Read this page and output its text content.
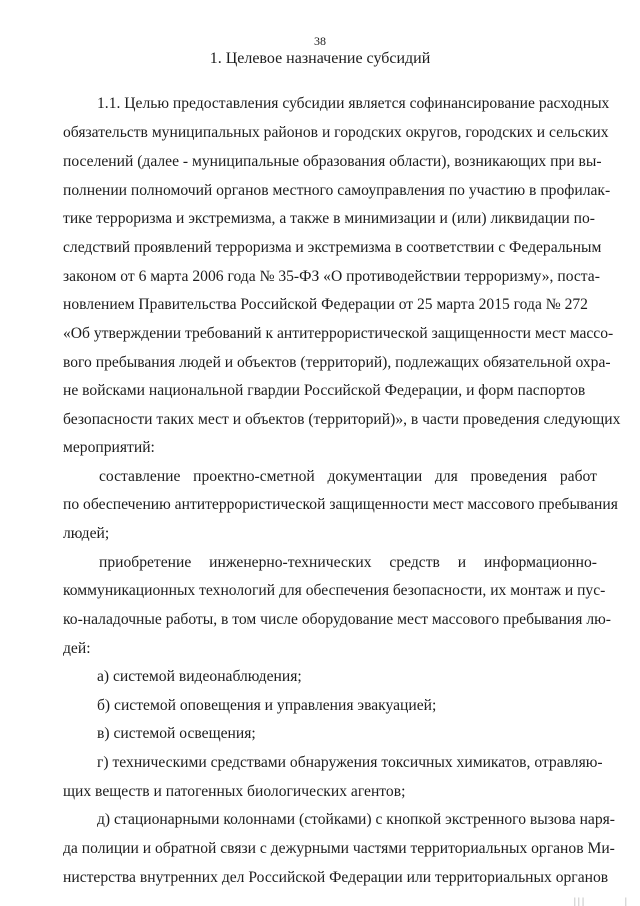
38
1. Целевое назначение субсидий
1.1. Целью предоставления субсидии является софинансирование расходных
обязательств муниципальных районов и городских округов, городских и сельских
поселений (далее - муниципальные образования области), возникающих при вы-
полнении полномочий органов местного самоуправления по участию в профилак-
тике терроризма и экстремизма, а также в минимизации и (или) ликвидации по-
следствий проявлений терроризма и экстремизма в соответствии с Федеральным
законом от 6 марта 2006 года № 35-ФЗ «О противодействии терроризму», поста-
новлением Правительства Российской Федерации от 25 марта 2015 года № 272
«Об утверждении требований к антитеррористической защищенности мест массо-
вого пребывания людей и объектов (территорий), подлежащих обязательной охра-
не войсками национальной гвардии Российской Федерации, и форм паспортов
безопасности таких мест и объектов (территорий)», в части проведения следующих
мероприятий:
составление проектно-сметной документации для проведения работ
по обеспечению антитеррористической защищенности мест массового пребывания
людей;
приобретение инженерно-технических средств и информационно-
коммуникационных технологий для обеспечения безопасности, их монтаж и пус-
ко-наладочные работы, в том числе оборудование мест массового пребывания лю-
дей:
а) системой видеонаблюдения;
б) системой оповещения и управления эвакуацией;
в) системой освещения;
г) техническими средствами обнаружения токсичных химикатов, отравляю-
щих веществ и патогенных биологических агентов;
д) стационарными колоннами (стойками) с кнопкой экстренного вызова наря-
да полиции и обратной связи с дежурными частями территориальных органов Ми-
нистерства внутренних дел Российской Федерации или территориальных органов
| | |	|
